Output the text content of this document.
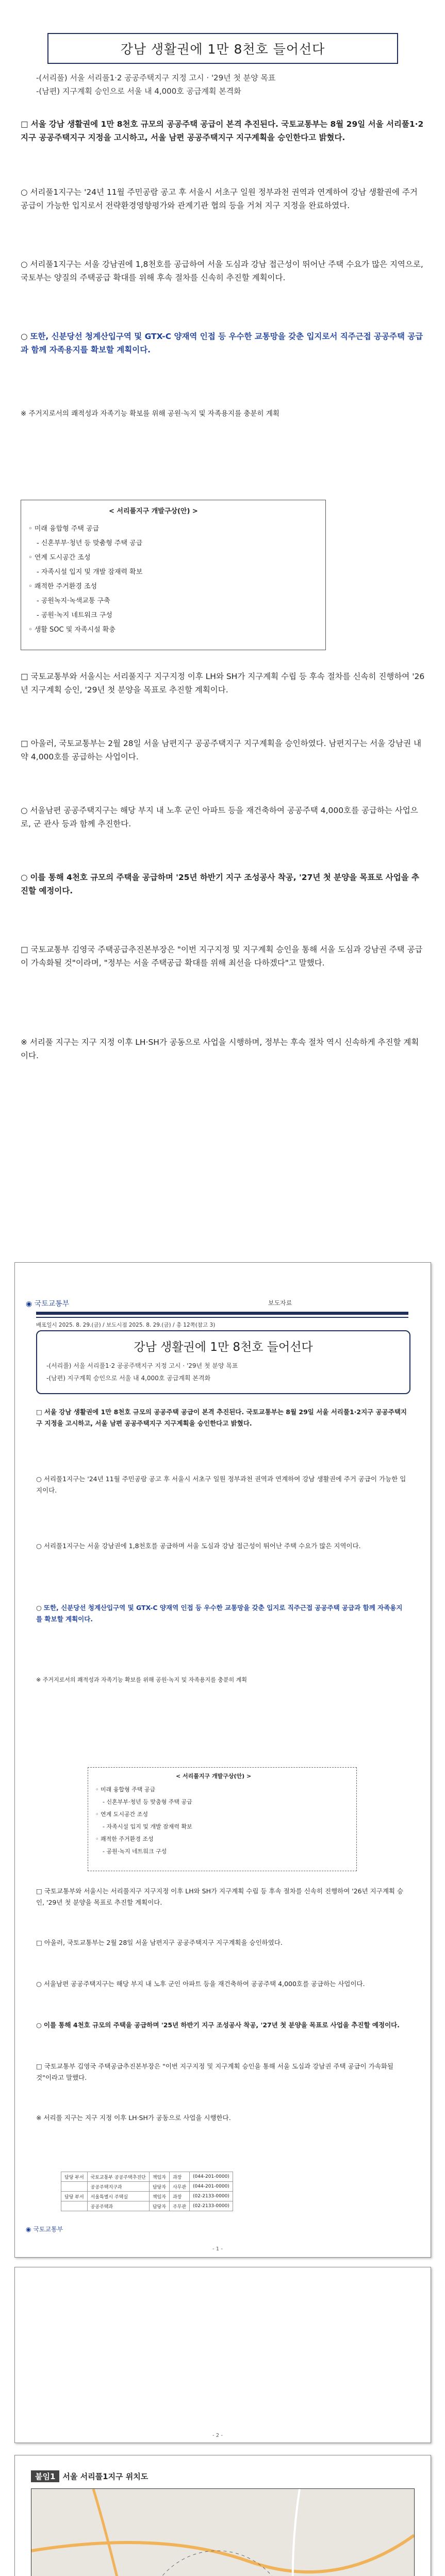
강남 생활권에 1만 8천호 들어선다
-(서리풀) 서울 서리풀1·2 공공주택지구 지정 고시 · '29년 첫 분양 목표
-(남편) 지구계획 승인으로 서울 내 4,000호 공급계획 본격화
□ 서울 강남 생활권에 1만 8천호 규모의 공공주택 공급이 본격 추진된다. 국토교통부는 8월 29일 서울 서리풀1·2지구 공공주택지구 지정을 고시하고, 서울 남편 공공주택지구 지구계획을 승인한다고 밝혔다.
○ 서리풀1지구는 '24년 11월 주민공람 공고 후 서울시 서초구 일원 정부과천 권역과 연계하여 강남 생활권에 주거 공급이 가능한 입지로서 전략환경영향평가와 관계기관 협의 등을 거쳐 지구 지정을 완료하였다.
○ 서리풀1지구는 서울 강남권에 1,8천호를 공급하여 서울 도심과 강남 접근성이 뛰어난 주택 수요가 많은 지역으로, 국토부는 양질의 주택공급 확대를 위해 후속 절차를 신속히 추진할 계획이다.
○ 또한, 신분당선 청계산입구역 및 GTX-C 양재역 인접 등 우수한 교통망을 갖춘 입지로서 직주근접 공공주택 공급과 함께 자족용지를 확보할 계획이다.
※ 주거지로서의 쾌적성과 자족기능 확보를 위해 공원·녹지 및 자족용지를 충분히 계획
< 서리풀지구 개발구상(안) >
◦ 미래 융합형 주택 공급
- 신혼부부·청년 등 맞춤형 주택 공급
◦ 연계 도시공간 조성
- 자족시설 입지 및 개발 잠재력 확보
◦ 쾌적한 주거환경 조성
- 공원녹지·녹색교통 구축
- 공원·녹지 네트워크 구성
◦ 생활 SOC 및 자족시설 확충
□ 국토교통부와 서울시는 서리풀지구 지구지정 이후 LH와 SH가 지구계획 수립 등 후속 절차를 신속히 진행하여 '26년 지구계획 승인, '29년 첫 분양을 목표로 추진할 계획이다.
□ 아울러, 국토교통부는 2월 28일 서울 남편지구 공공주택지구 지구계획을 승인하였다. 남편지구는 서울 강남권 내 약 4,000호를 공급하는 사업이다.
○ 서울남편 공공주택지구는 해당 부지 내 노후 군인 아파트 등을 재건축하여 공공주택 4,000호를 공급하는 사업으로, 군 관사 등과 함께 추진한다.
○ 이를 통해 4천호 규모의 주택을 공급하며 '25년 하반기 지구 조성공사 착공, '27년 첫 분양을 목표로 사업을 추진할 예정이다.
□ 국토교통부 김영국 주택공급추진본부장은 "이번 지구지정 및 지구계획 승인을 통해 서울 도심과 강남권 주택 공급이 가속화될 것"이라며, "정부는 서울 주택공급 확대를 위해 최선을 다하겠다"고 말했다.
※ 서리풀 지구는 지구 지정 이후 LH·SH가 공동으로 사업을 시행하며, 정부는 후속 절차 역시 신속하게 추진할 계획이다.
◉ 국토교통부	보도자료
배포일시 2025. 8. 29.(금) / 보도시점 2025. 8. 29.(금) / 총 12쪽(참고 3)
강남 생활권에 1만 8천호 들어선다
-(서리풀) 서울 서리풀1·2 공공주택지구 지정 고시 · '29년 첫 분양 목표
-(남편) 지구계획 승인으로 서울 내 4,000호 공급계획 본격화
□ 서울 강남 생활권에 1만 8천호 규모의 공공주택 공급이 본격 추진된다. 국토교통부는 8월 29일 서울 서리풀1·2지구 공공주택지구 지정을 고시하고, 서울 남편 공공주택지구 지구계획을 승인한다고 밝혔다.
○ 서리풀1지구는 '24년 11월 주민공람 공고 후 서울시 서초구 일원 정부과천 권역과 연계하여 강남 생활권에 주거 공급이 가능한 입지이다.
○ 서리풀1지구는 서울 강남권에 1,8천호를 공급하며 서울 도심과 강남 접근성이 뛰어난 주택 수요가 많은 지역이다.
○ 또한, 신분당선 청계산입구역 및 GTX-C 양재역 인접 등 우수한 교통망을 갖춘 입지로 직주근접 공공주택 공급과 함께 자족용지를 확보할 계획이다.
※ 주거지로서의 쾌적성과 자족기능 확보를 위해 공원·녹지 및 자족용지를 충분히 계획
< 서리풀지구 개발구상(안) >
◦ 미래 융합형 주택 공급
- 신혼부부·청년 등 맞춤형 주택 공급
◦ 연계 도시공간 조성
- 자족시설 입지 및 개발 잠재력 확보
◦ 쾌적한 주거환경 조성
- 공원·녹지 네트워크 구성
□ 국토교통부와 서울시는 서리풀지구 지구지정 이후 LH와 SH가 지구계획 수립 등 후속 절차를 신속히 진행하여 '26년 지구계획 승인, '29년 첫 분양을 목표로 추진할 계획이다.
□ 아울러, 국토교통부는 2월 28일 서울 남편지구 공공주택지구 지구계획을 승인하였다.
○ 서울남편 공공주택지구는 해당 부지 내 노후 군인 아파트 등을 재건축하여 공공주택 4,000호를 공급하는 사업이다.
○ 이를 통해 4천호 규모의 주택을 공급하며 '25년 하반기 지구 조성공사 착공, '27년 첫 분양을 목표로 사업을 추진할 예정이다.
□ 국토교통부 김영국 주택공급추진본부장은 "이번 지구지정 및 지구계획 승인을 통해 서울 도심과 강남권 주택 공급이 가속화될 것"이라고 말했다.
※ 서리풀 지구는 지구 지정 이후 LH·SH가 공동으로 사업을 시행한다.
담당 부서	국토교통부 공공주택추진단	책임자	과장	(044-201-0000)
	공공주택지구과	담당자	사무관	(044-201-0000)
담당 부서	서울특별시 주택실	책임자	과장	(02-2133-0000)
	공공주택과	담당자	주무관	(02-2133-0000)
◉ 국토교통부
- 1 -
- 2 -
붙임1 서울 서리풀1지구 위치도
